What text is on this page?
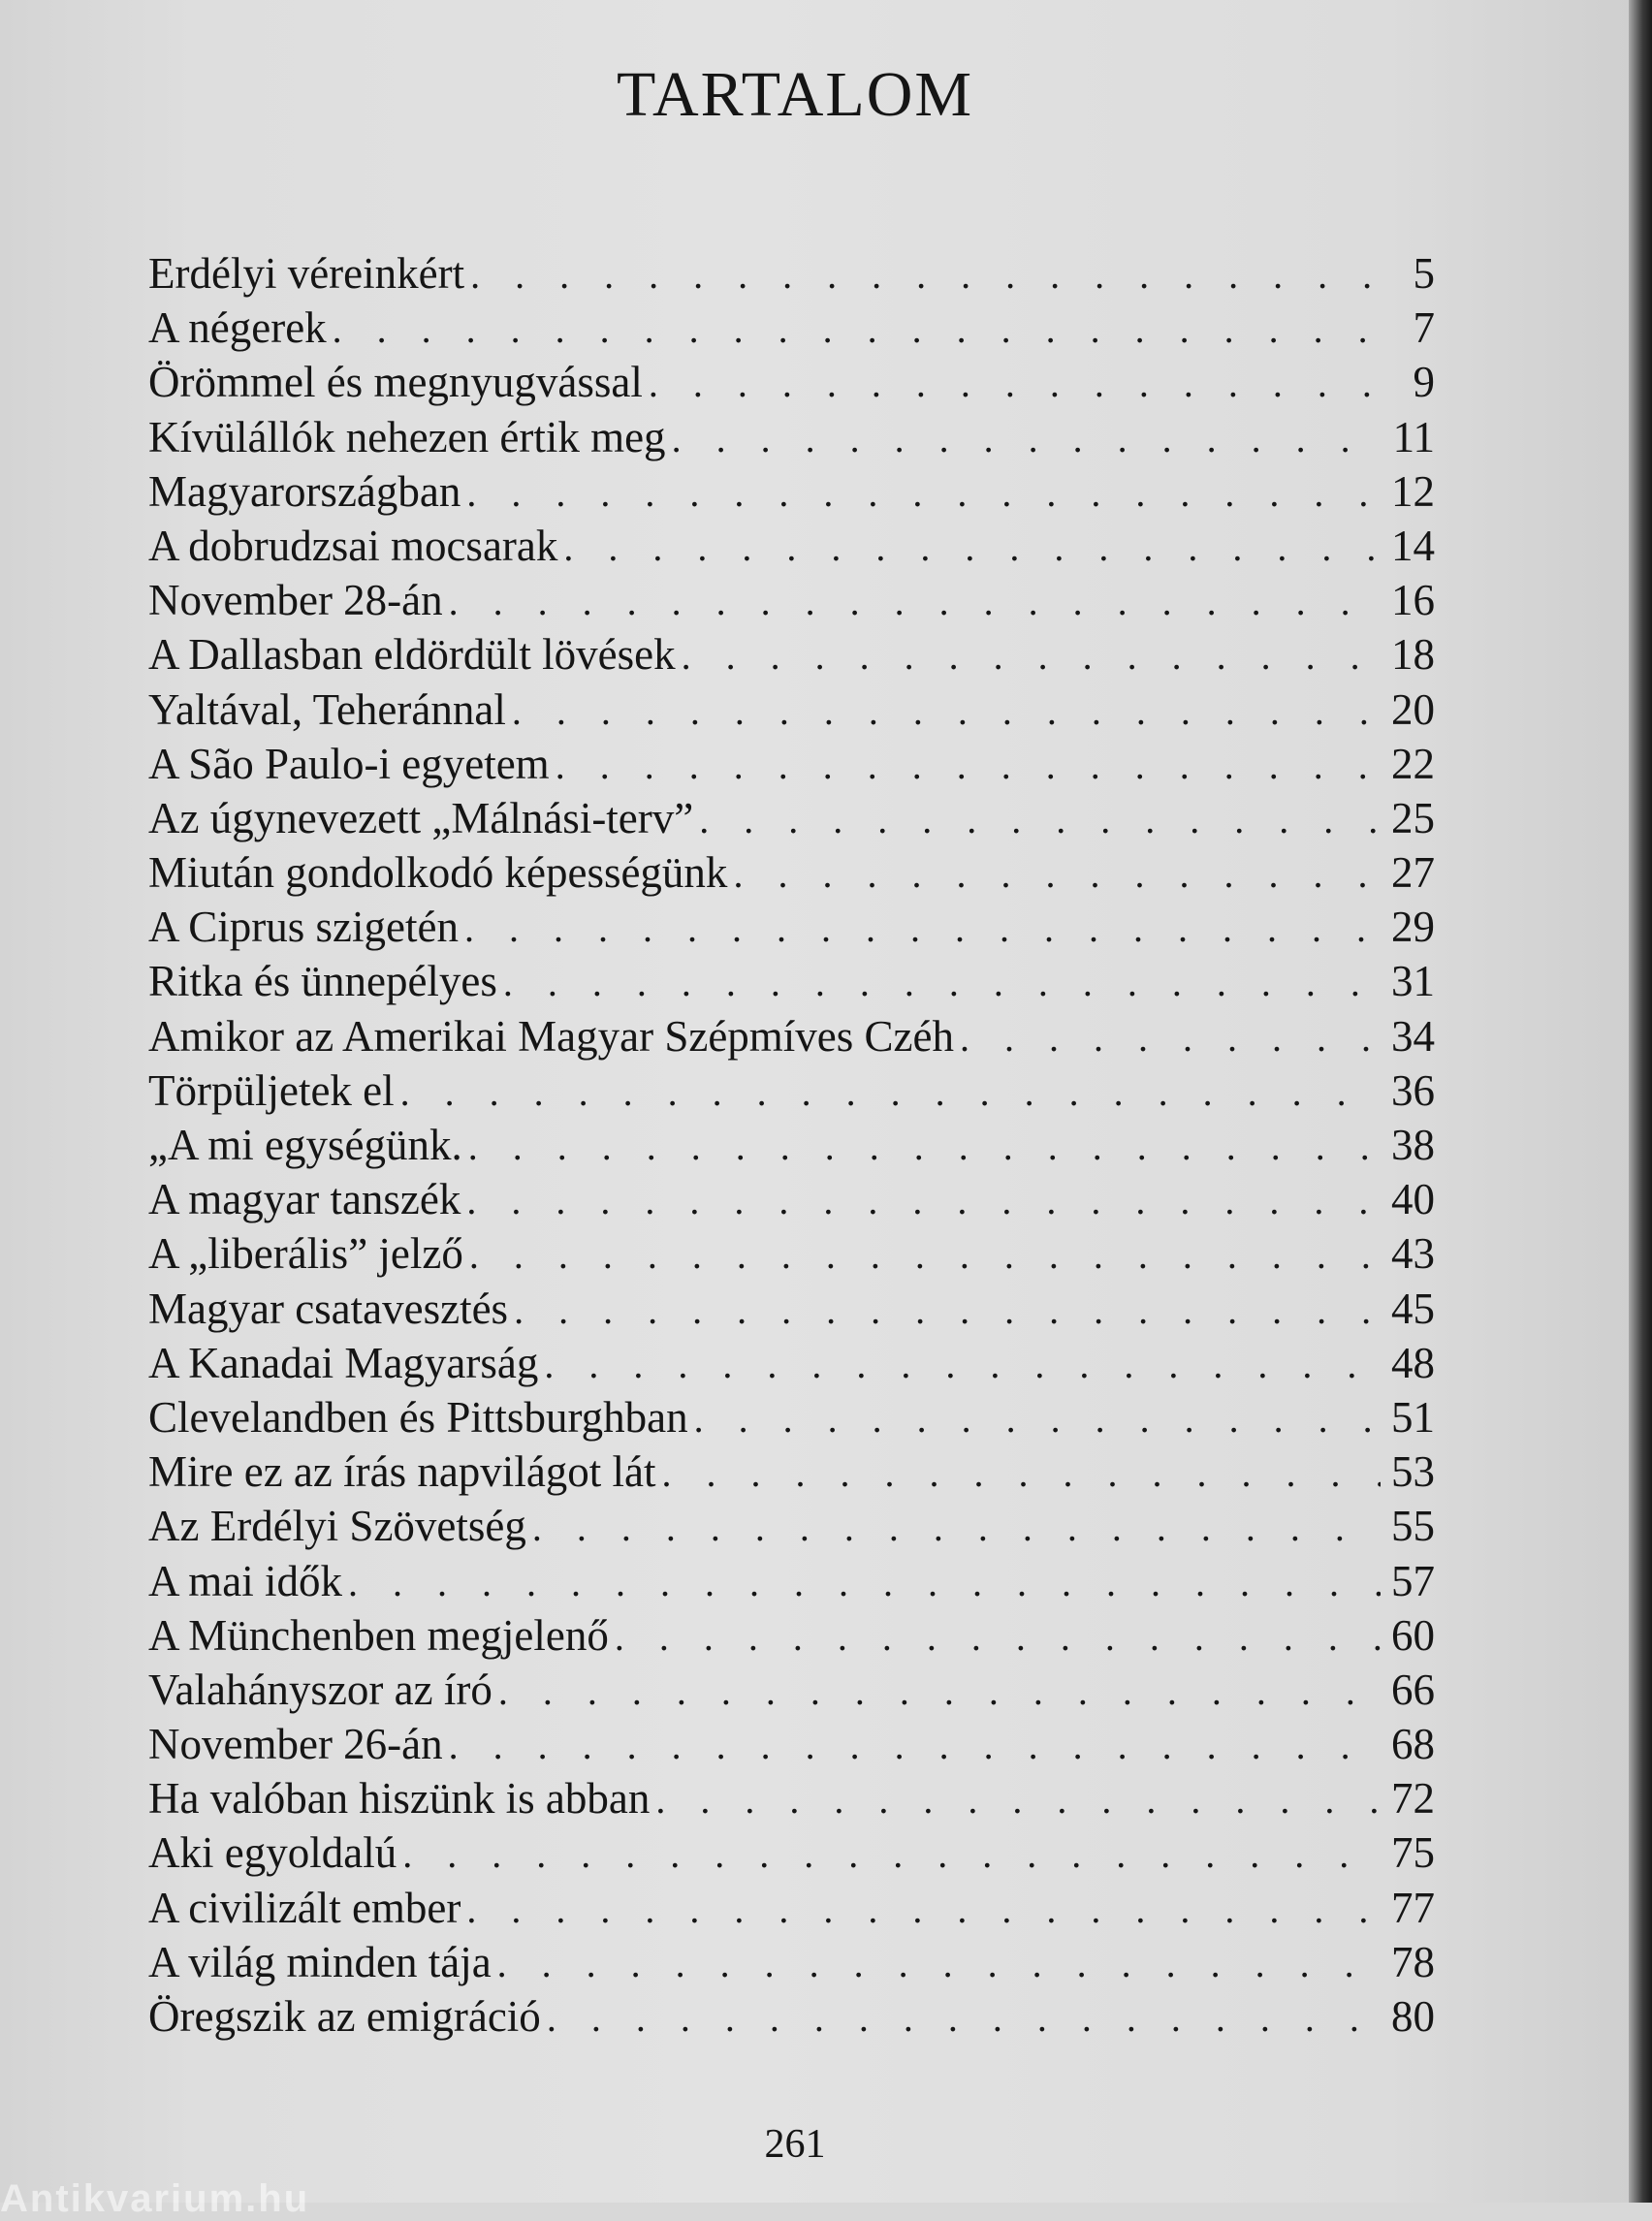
TARTALOM
Erdélyi véreinkért . . .	5
A négerek . . .	7
Örömmel és megnyugvással . . .	9
Kívülállók nehezen értik meg . . .	11
Magyarországban . . .	12
A dobrudzsai mocsarak . . .	14
November 28-án . . .	16
A Dallasban eldördült lövések . . .	18
Yaltával, Teheránnal . . .	20
A São Paulo-i egyetem . . .	22
Az úgynevezett „Málnási-terv” . . .	25
Miután gondolkodó képességünk . . .	27
A Ciprus szigetén . . .	29
Ritka és ünnepélyes . . .	31
Amikor az Amerikai Magyar Szépmíves Czéh . . .	34
Törpüljetek el . . .	36
„A mi egységünk. . . .	38
A magyar tanszék . . .	40
A „liberális” jelző . . .	43
Magyar csatavesztés . . .	45
A Kanadai Magyarság . . .	48
Clevelandben és Pittsburghban . . .	51
Mire ez az írás napvilágot lát . . .	53
Az Erdélyi Szövetség . . .	55
A mai idők . . .	57
A Münchenben megjelenő . . .	60
Valahányszor az író . . .	66
November 26-án . . .	68
Ha valóban hiszünk is abban . . .	72
Aki egyoldalú . . .	75
A civilizált ember . . .	77
A világ minden tája . . .	78
Öregszik az emigráció . . .	80
261
Antikvarium.hu
